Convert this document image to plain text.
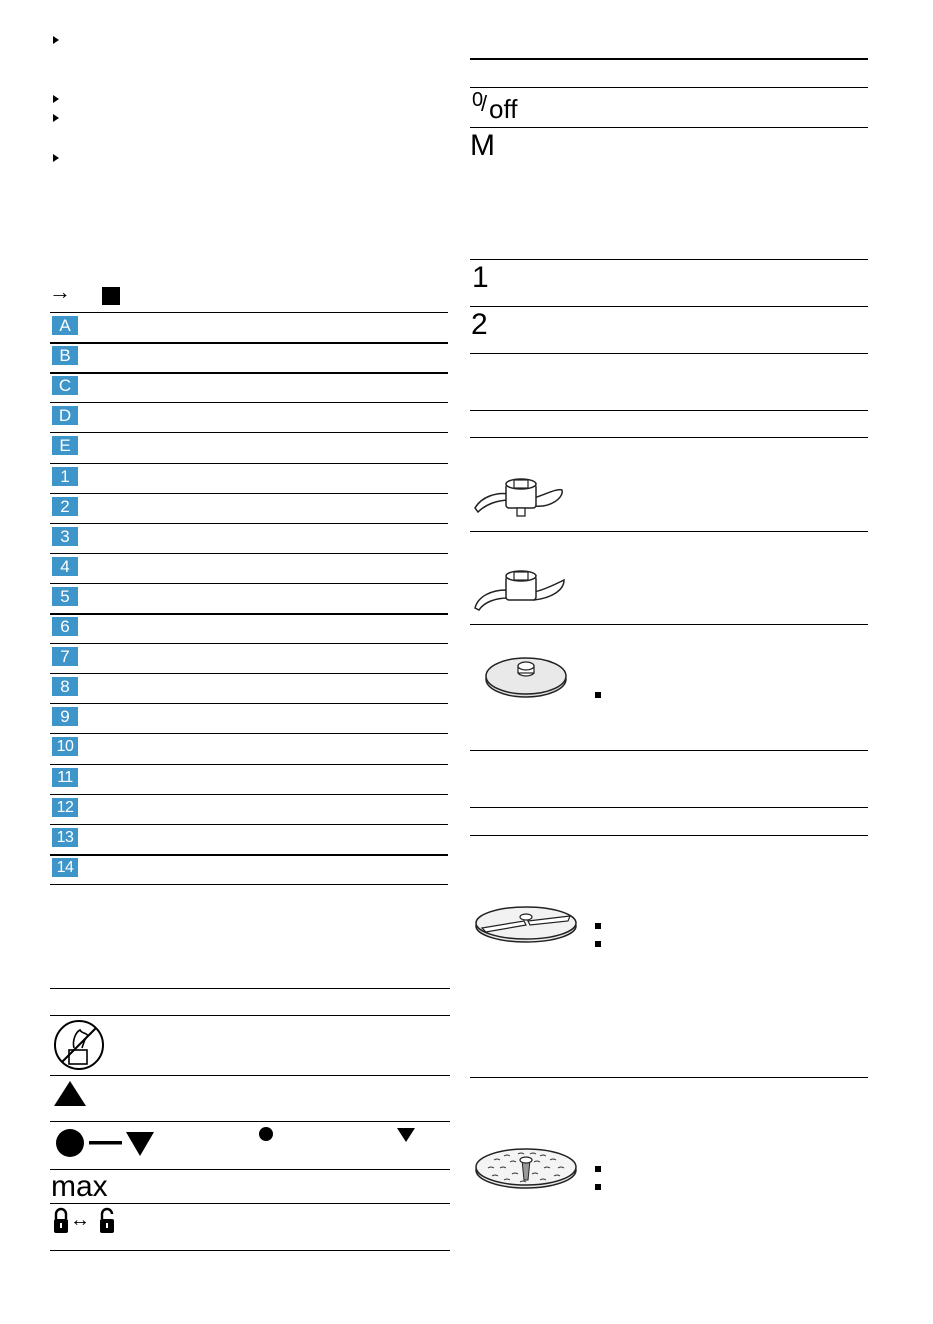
→
A
B
C
D
E
1
2
3
4
5
6
7
8
9
10
11
12
13
14
max
↔
0
/ off
M
1
2
